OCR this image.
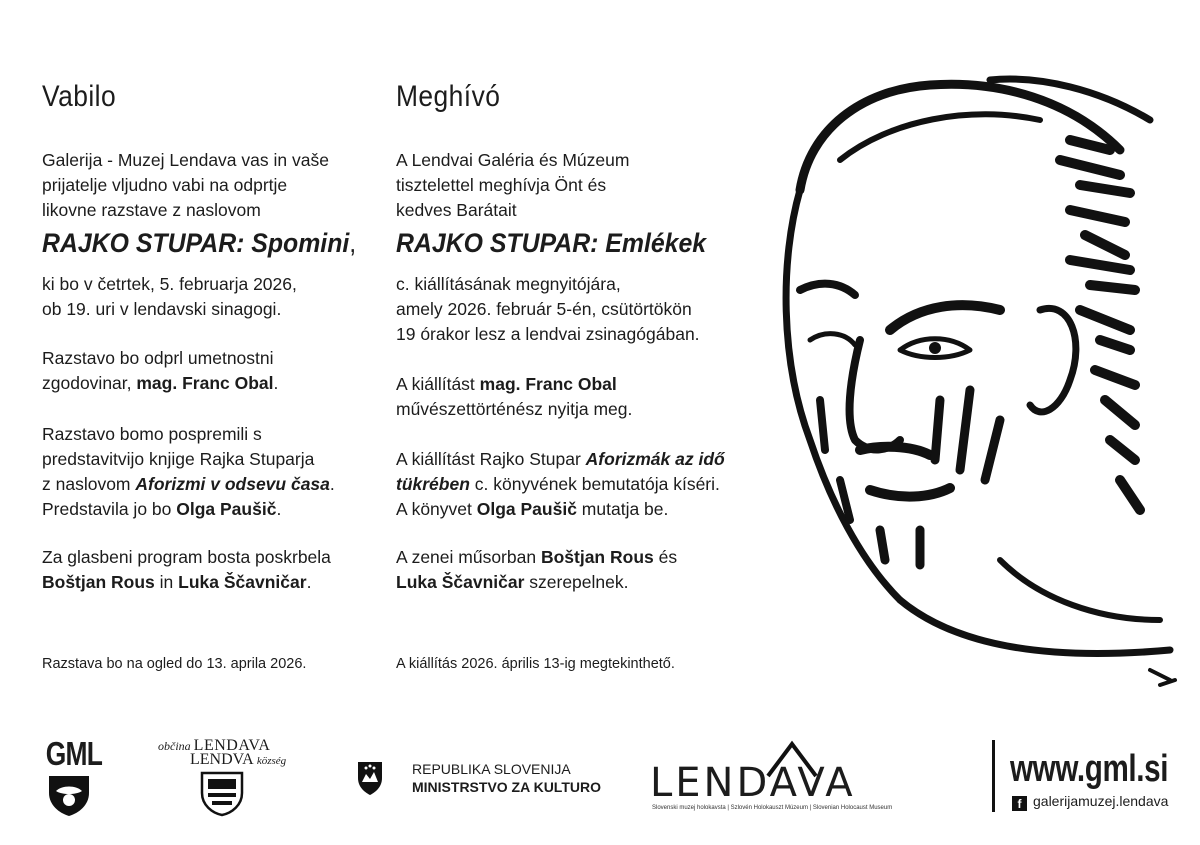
Vabilo

Galerija - Muzej Lendava vas in vaše
prijatelje vljudno vabi na odprtje
likovne razstave z naslovom

RAJKO STUPAR: Spomini,

ki bo v četrtek, 5. februarja 2026,
ob 19. uri v lendavski sinagogi.

Razstavo bo odprl umetnostni
zgodovinar, mag. Franc Obal.

Razstavo bomo pospremili s
predstavitvijo knjige Rajka Stuparja
z naslovom Aforizmi v odsevu časa.
Predstavila jo bo Olga Paušič.

Za glasbeni program bosta poskrbela
Boštjan Rous in Luka Ščavničar.

Razstava bo na ogled do 13. aprila 2026.
Meghívó

A Lendvai Galéria és Múzeum
tisztelettel meghívja Önt és
kedves Barátait

RAJKO STUPAR: Emlékek

c. kiállításának megnyitójára,
amely 2026. február 5-én, csütörtökön
19 órakor lesz a lendvai zsinagógában.

A kiállítást mag. Franc Obal
művészettörténész nyitja meg.

A kiállítást Rajko Stupar Aforizmák az idő
tükrében c. könyvének bemutatója kíséri.
A könyvet Olga Paušič mutatja be.

A zenei műsorban Boštjan Rous és
Luka Ščavničar szerepelnek.

A kiállítás 2026. április 13-ig megtekinthető.
GML	občina LENDAVA
LENDVA község	REPUBLIKA SLOVENIJA
MINISTRSTVO ZA KULTURO LENDAVA
Slovenski muzej holokavsta | Szlovén Holokauszt Múzeum | Slovenian Holocaust Museum
www.gml.si
f galerijamuzej.lendava
